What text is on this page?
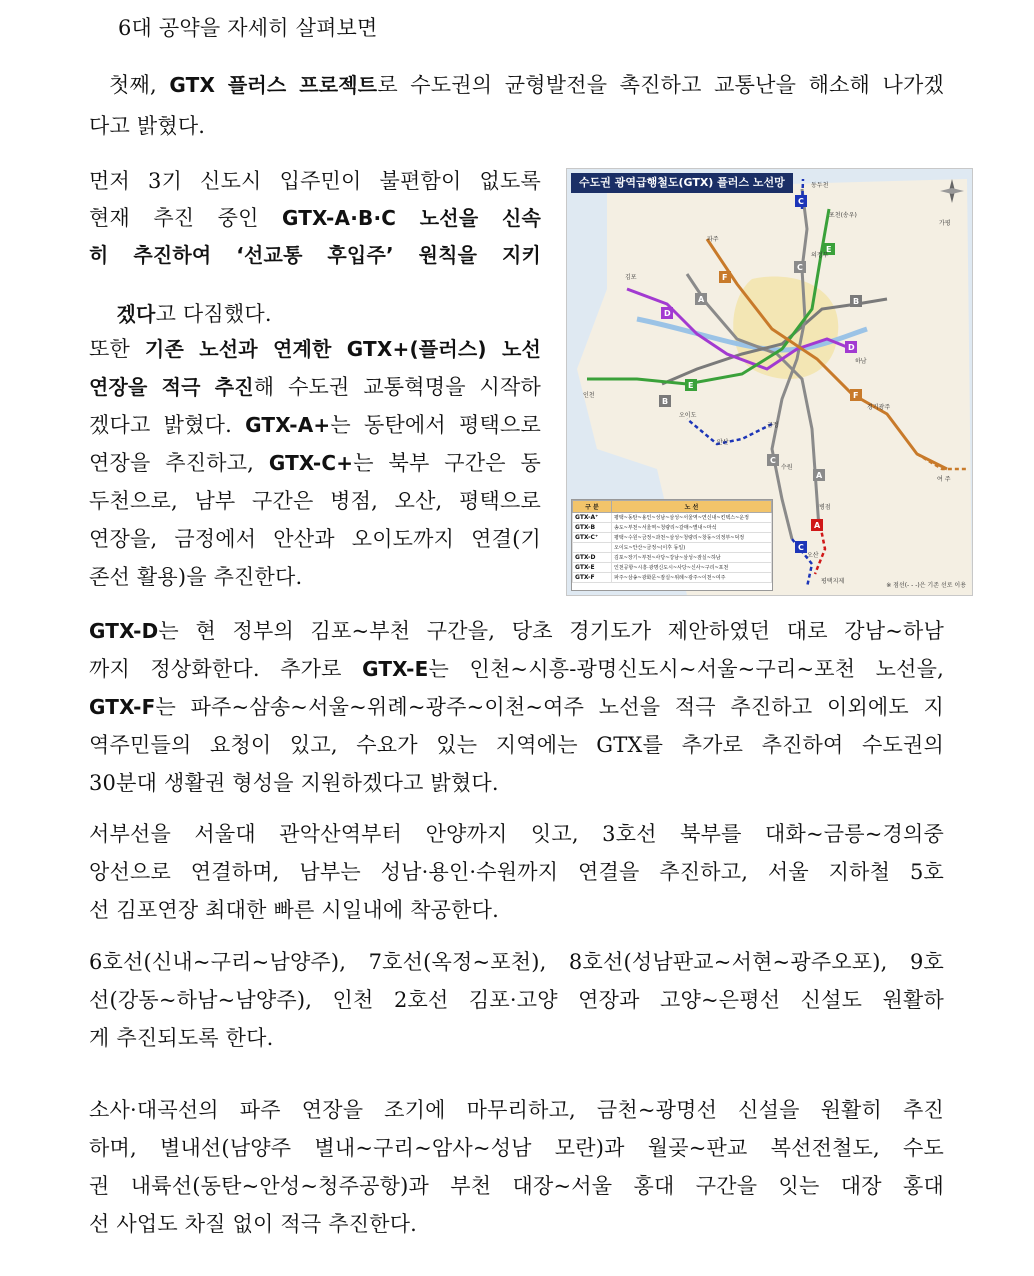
6대 공약을 자세히 살펴보면
첫째, GTX 플러스 프로젝트로 수도권의 균형발전을 촉진하고 교통난을 해소해 나가겠
다고 밝혔다.
먼저 3기 신도시 입주민이 불편함이 없도록
현재 추진 중인 GTX-A·B·C 노선을 신속
히 추진하여 ‘선교통 후입주’ 원칙을 지키

겠다고 다짐했다.

또한 기존 노선과 연계한 GTX+(플러스) 노선
연장을 적극 추진해 수도권 교통혁명을 시작하
겠다고 밝혔다. GTX-A+는 동탄에서 평택으로
연장을 추진하고, GTX-C+는 북부 구간은 동
두천으로, 남부 구간은 병점, 오산, 평택으로
연장을, 금정에서 안산과 오이도까지 연결(기
존선 활용)을 추진한다.
A	B
C
D
E
F
D
E
F
B
C
A
A
C
C
가평
여 주
동두천
포천(송우)
파주
김포
인천
의정부
하남
경기광주
오이도
안산
수원
평택지제
오산
병점
금정
수도권 광역급행철도(GTX) 플러스 노선망
구 분	노 선
GTX-A⁺	평택~동탄~용인~성남~삼성~서울역~연신내~킨텍스~운정
GTX-B	송도~부천~서울역~청량리~갈매~별내~마석
GTX-C⁺	평택~수원~금정~과천~삼성~청량리~창동~의정부~덕정
	오이도~안산~금정~(이후 동일)
GTX-D	김포~장기~부천~사당~강남~삼성~잠실~하남
GTX-E	인천공항~시흥·광명신도시~사당~신사~구리~포천
GTX-F	파주~삼송~광화문~잠실~위례~광주~이천~여주
※ 점선(- - -)은 기존 선로 이용
GTX-D는 현 정부의 김포~부천 구간을, 당초 경기도가 제안하였던 대로 강남~하남
까지 정상화한다. 추가로 GTX-E는 인천~시흥-광명신도시~서울~구리~포천 노선을,
GTX-F는 파주~삼송~서울~위례~광주~이천~여주 노선을 적극 추진하고 이외에도 지
역주민들의 요청이 있고, 수요가 있는 지역에는 GTX를 추가로 추진하여 수도권의
30분대 생활권 형성을 지원하겠다고 밝혔다.
서부선을 서울대 관악산역부터 안양까지 잇고, 3호선 북부를 대화~금릉~경의중
앙선으로 연결하며, 남부는 성남·용인·수원까지 연결을 추진하고, 서울 지하철 5호
선 김포연장 최대한 빠른 시일내에 착공한다.
6호선(신내~구리~남양주), 7호선(옥정~포천), 8호선(성남판교~서현~광주오포), 9호
선(강동~하남~남양주), 인천 2호선 김포·고양 연장과 고양~은평선 신설도 원활하
게 추진되도록 한다.
소사·대곡선의 파주 연장을 조기에 마무리하고, 금천~광명선 신설을 원활히 추진
하며, 별내선(남양주 별내~구리~암사~성남 모란)과 월곶~판교 복선전철도, 수도
권 내륙선(동탄~안성~청주공항)과 부천 대장~서울 홍대 구간을 잇는 대장 홍대
선 사업도 차질 없이 적극 추진한다.
